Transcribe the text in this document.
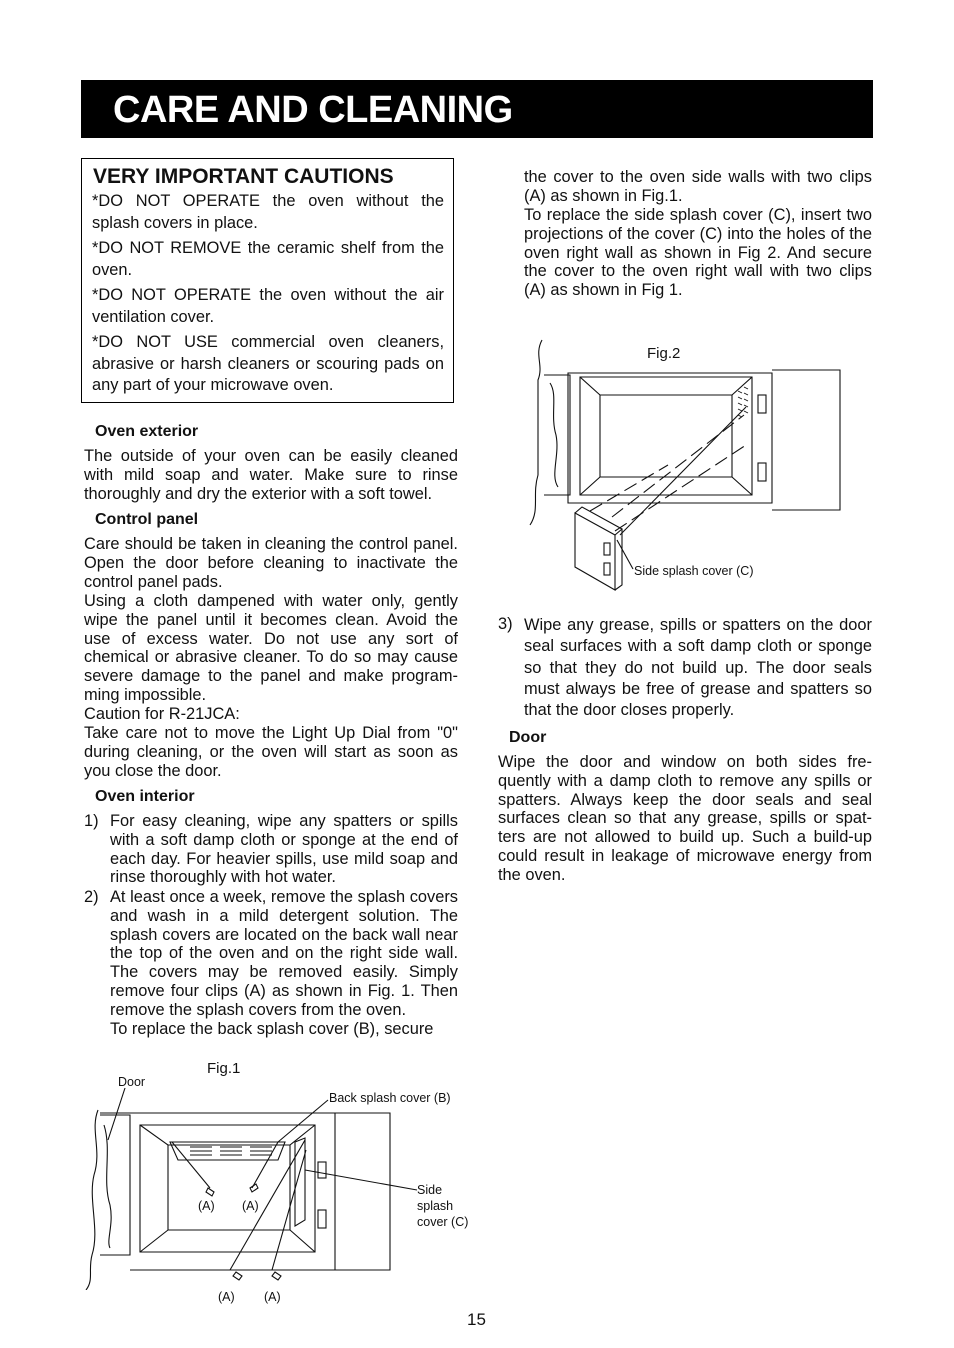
CARE AND CLEANING
VERY IMPORTANT CAUTIONS
*DO NOT OPERATE the oven without the splash covers in place.
*DO NOT REMOVE the ceramic shelf from the oven.
*DO NOT OPERATE the oven without the air ventilation cover.
*DO NOT USE commercial oven cleaners, abrasive or harsh cleaners or scouring pads on any part of your microwave oven.
Oven exterior
The outside of your oven can be easily cleaned with mild soap and water. Make sure to rinse thoroughly and dry the exterior with a soft towel.
Control panel
Care should be taken in cleaning the control panel. Open the door before cleaning to inactivate the control panel pads.
Using a cloth dampened with water only, gently wipe the panel until it becomes clean. Avoid the use of excess water. Do not use any sort of chemical or abrasive cleaner. To do so may cause severe damage to the panel and make program-ming impossible.
Caution for R-21JCA:
Take care not to move the Light Up Dial from "0" during cleaning, or the oven will start as soon as you close the door.
Oven interior
1) For easy cleaning, wipe any spatters or spills with a soft damp cloth or sponge at the end of each day. For heavier spills, use mild soap and rinse thoroughly with hot water.
2) At least once a week, remove the splash covers and wash in a mild detergent solution. The splash covers are located on the back wall near the top of the oven and on the right side wall. The covers may be removed easily. Simply remove four clips (A) as shown in Fig. 1. Then remove the splash covers from the oven.
To replace the back splash cover (B), secure
the cover to the oven side walls with two clips (A) as shown in Fig.1.
To replace the side splash cover (C), insert two projections of the cover (C) into the holes of the oven right wall as shown in Fig 2. And secure the cover to the oven right wall with two clips (A) as shown in Fig 1.
3) Wipe any grease, spills or spatters on the door seal surfaces with a soft damp cloth or sponge so that they do not build up. The door seals must always be free of grease and spatters so that the door closes properly.
Door
Wipe the door and window on both sides fre-quently with a damp cloth to remove any spills or spatters. Always keep the door seals and seal surfaces clean so that any grease, spills or spat-ters are not allowed to build up. Such a build-up could result in leakage of microwave energy from the oven.
Fig.2
Side splash cover (C)
Fig.1
Door
Back splash cover (B)
Side
splash
cover (C)
(A) (A)
(A) (A)
15
